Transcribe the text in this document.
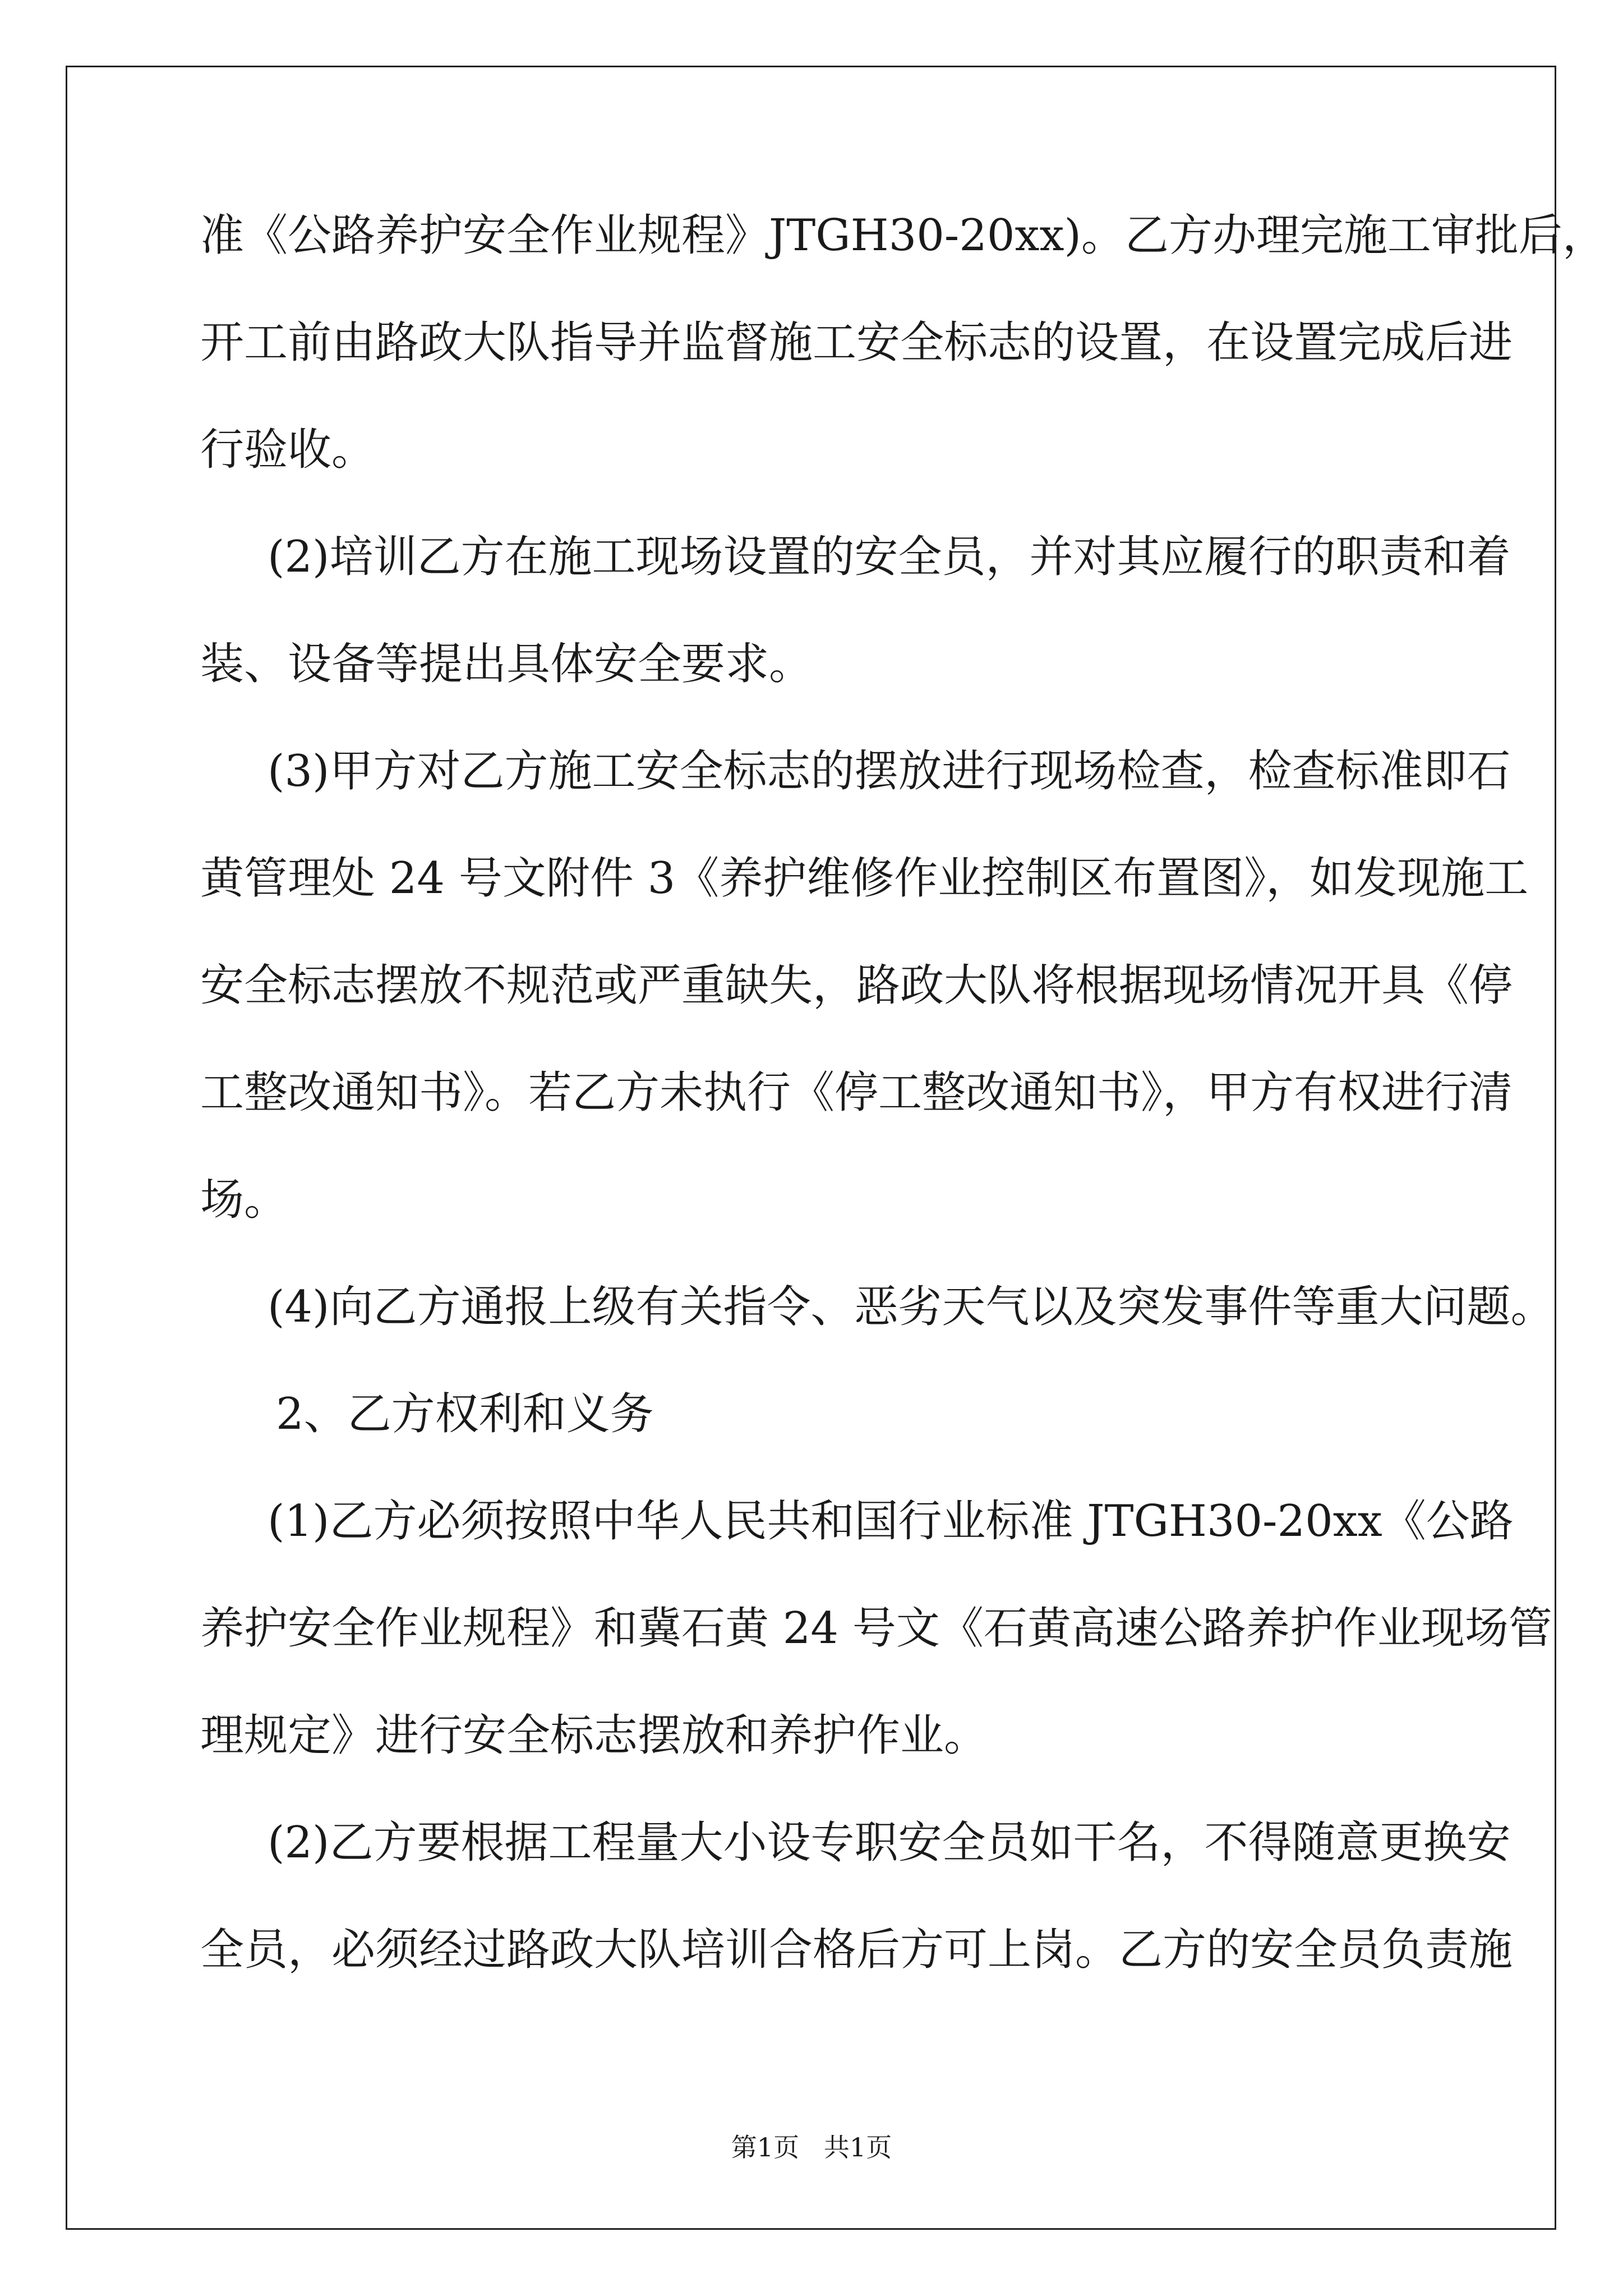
准《公路养护安全作业规程》JTGH30-20xx)。乙方办理完施工审批后，
开工前由路政大队指导并监督施工安全标志的设置，在设置完成后进
行验收。
(2)培训乙方在施工现场设置的安全员，并对其应履行的职责和着
装、设备等提出具体安全要求。
(3)甲方对乙方施工安全标志的摆放进行现场检查，检查标准即石
黄管理处 24 号文附件 3《养护维修作业控制区布置图》，如发现施工
安全标志摆放不规范或严重缺失，路政大队将根据现场情况开具《停
工整改通知书》。若乙方未执行《停工整改通知书》，甲方有权进行清
场。
(4)向乙方通报上级有关指令、恶劣天气以及突发事件等重大问题。
2、乙方权利和义务
(1)乙方必须按照中华人民共和国行业标准 JTGH30-20xx《公路
养护安全作业规程》和冀石黄 24 号文《石黄高速公路养护作业现场管
理规定》进行安全标志摆放和养护作业。
(2)乙方要根据工程量大小设专职安全员如干名，不得随意更换安
全员，必须经过路政大队培训合格后方可上岗。乙方的安全员负责施
第1页   共1页
